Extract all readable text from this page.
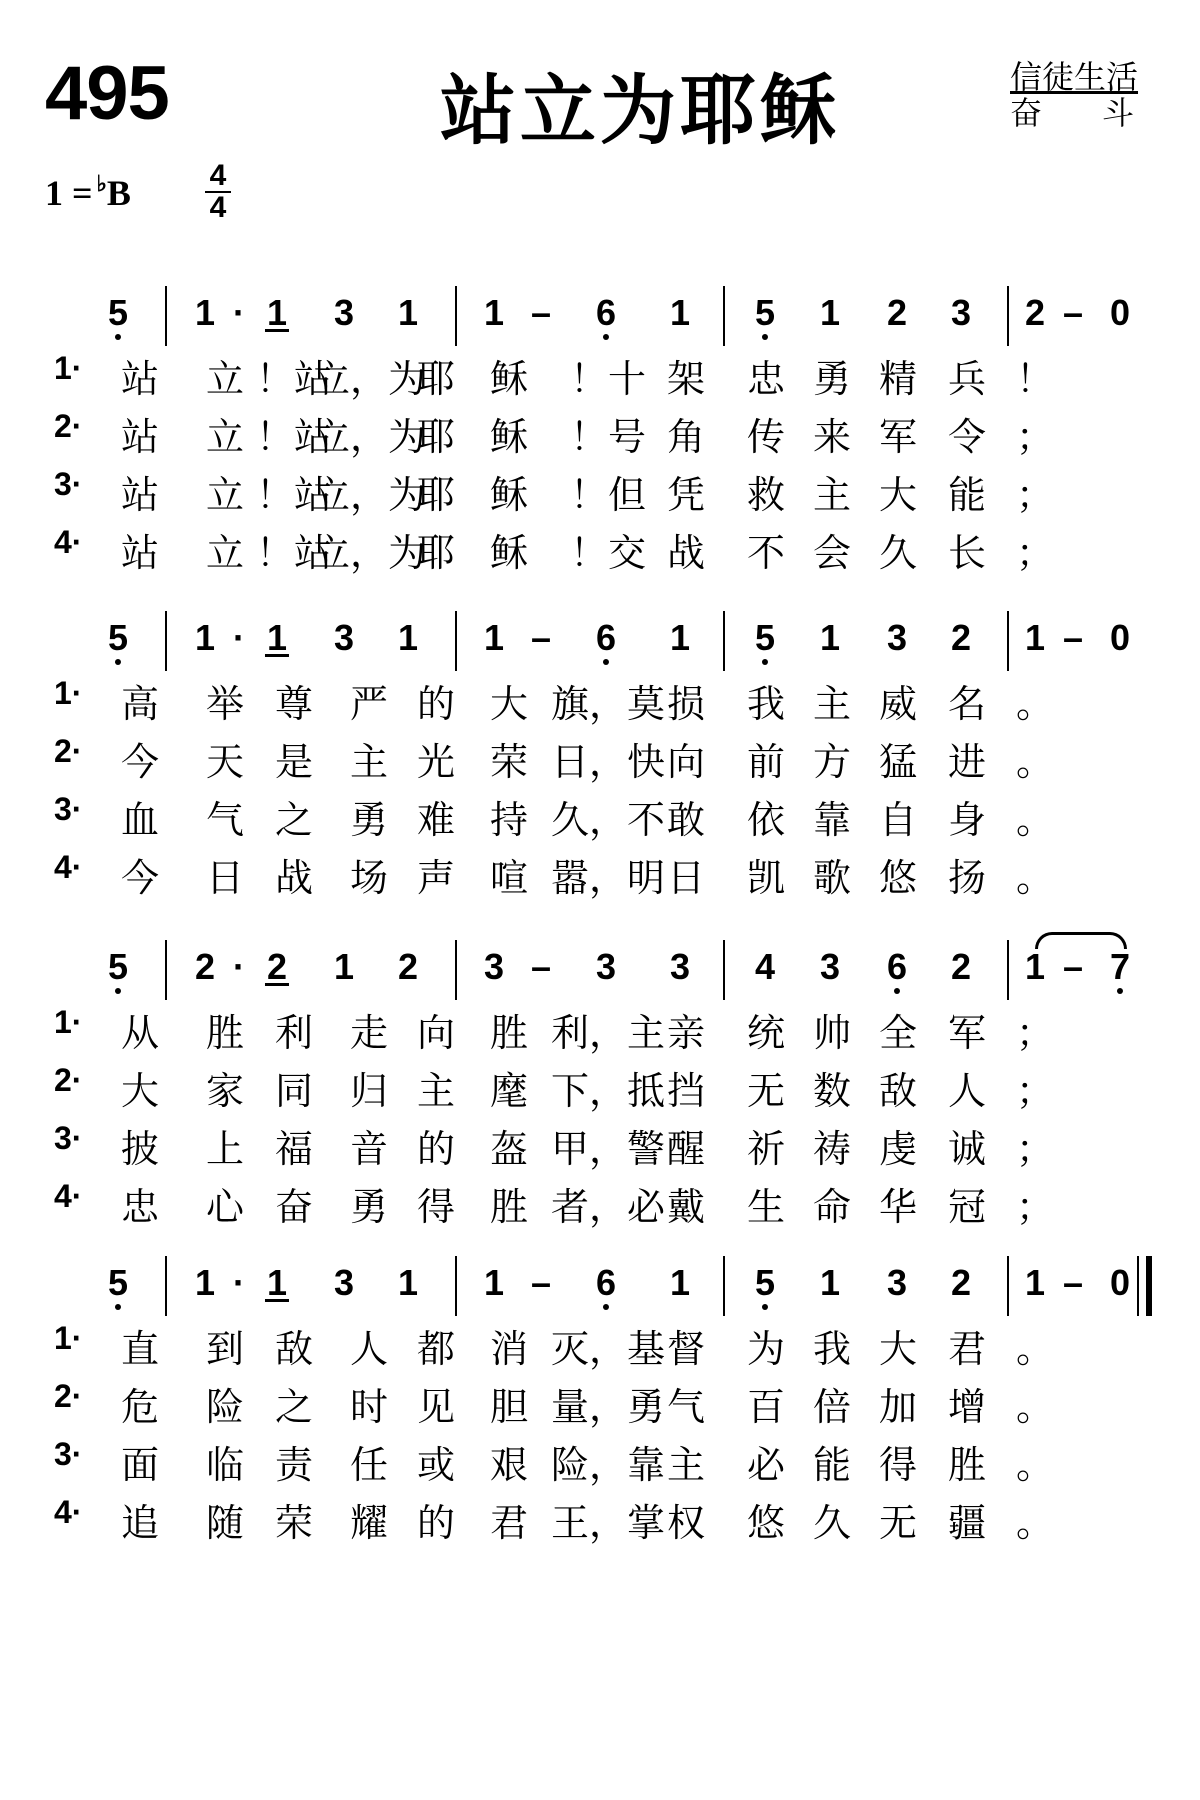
495	站立为耶稣	信徒生活
奋斗
1 = ♭B	4
4
5 1 · 1 3 1 1 – 6 1 5 1 2 3 2 – 0
1· 站 立 ！站
立，为
耶 稣 ！十 架 忠 勇 精 兵 ！
2· 站 立 ！站
立，为
耶 稣 ！号 角 传 来 军 令 ；
3· 站 立 ！站
立，为
耶 稣 ！但 凭 救 主 大 能 ；
4· 站 立 ！站
立，为
耶 稣 ！交 战 不 会 久 长 ；
5 1 · 1 3 1 1 – 6 1 5 1 3 2 1 – 0
1· 高 举 尊 严 的 大 旗，莫 损 我 主 威 名 。
2· 今 天 是 主 光 荣 日，快 向 前 方 猛 进 。
3· 血 气 之 勇 难 持 久，不 敢 依 靠 自 身 。
4· 今 日 战 场 声 喧 嚣，明 日 凯 歌 悠 扬 。
5 2 · 2 1 2 3 – 3 3 4 3 6 2 1 – 7
1· 从 胜 利 走 向 胜 利，主 亲 统 帅 全 军 ；
2· 大 家 同 归 主 麾 下，抵 挡 无 数 敌 人 ；
3· 披 上 福 音 的 盔 甲，警 醒 祈 祷 虔 诚 ；
4· 忠 心 奋 勇 得 胜 者，必 戴 生 命 华 冠 ；
5 1 · 1 3 1 1 – 6 1 5 1 3 2 1 – 0
1· 直 到 敌 人 都 消 灭，基 督 为 我 大 君 。
2· 危 险 之 时 见 胆 量，勇 气 百 倍 加 增 。
3· 面 临 责 任 或 艰 险，靠 主 必 能 得 胜 。
4· 追 随 荣 耀 的 君 王，掌 权 悠 久 无 疆 。
